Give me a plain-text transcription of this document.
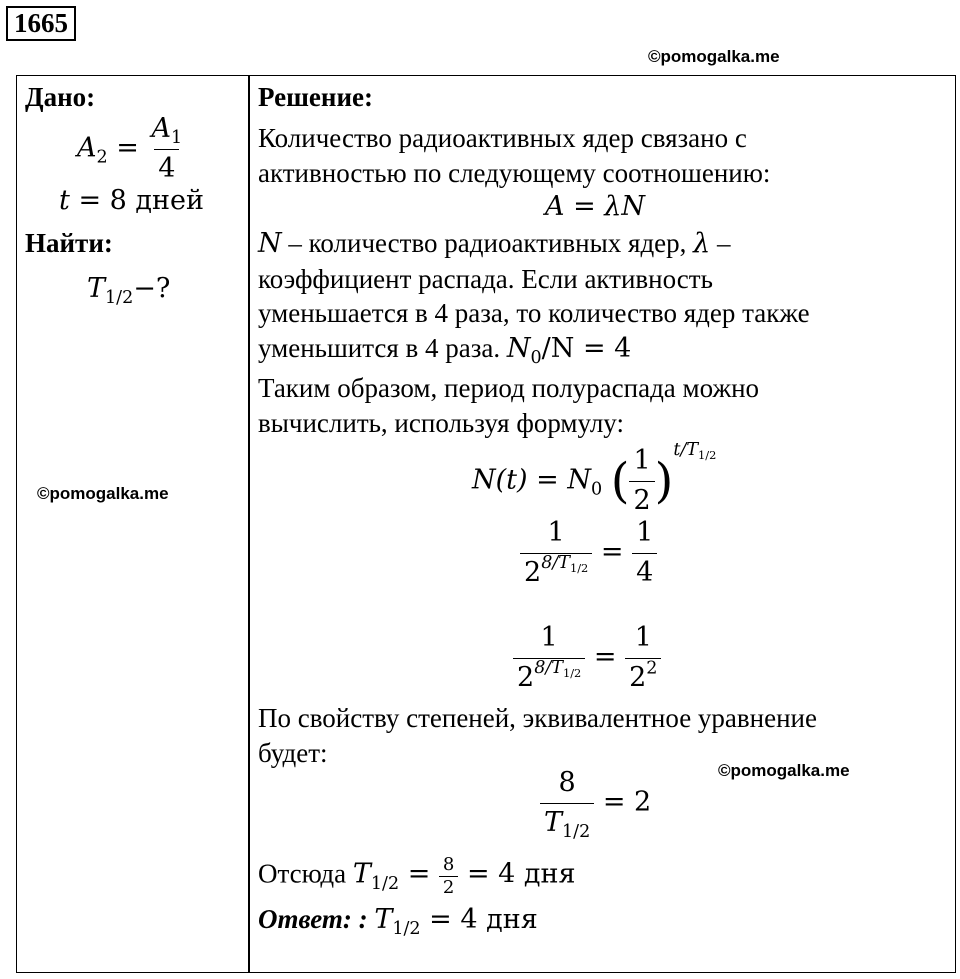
1665
©pomogalka.me
Дано:
$A_2 = \frac{A_1}{4}$
t = 8 дней
Найти:
$T_{1/2}-$?
©pomogalka.me
Решение:
Количество радиоактивных ядер связано с
активностью по следующему соотношению:
A = λN
N – количество радиоактивных ядер, λ –
коэффициент распада. Если активность
уменьшается в 4 раза, то количество ядер также
уменьшится в 4 раза. $N_0/N = 4$
Таким образом, период полураспада можно
вычислить, используя формулу:
$N(t) = N_0$ ( $\frac{1}{2} )^{t/T_{1/2}}$
$\frac{1}{2^{8/T_{1/2}}} = \frac{1}{4}$
$\frac{1}{2^{8/T_{1/2}}} = \frac{1}{2^2}$
По свойству степеней, эквивалентное уравнение
будет:
©pomogalka.me
$\frac{8}{T_{1/2}} = 2$
Отсюда $T_{1/2} = \frac{8}{2} = 4$ дня
Ответ: : $T_{1/2} = 4$ дня
